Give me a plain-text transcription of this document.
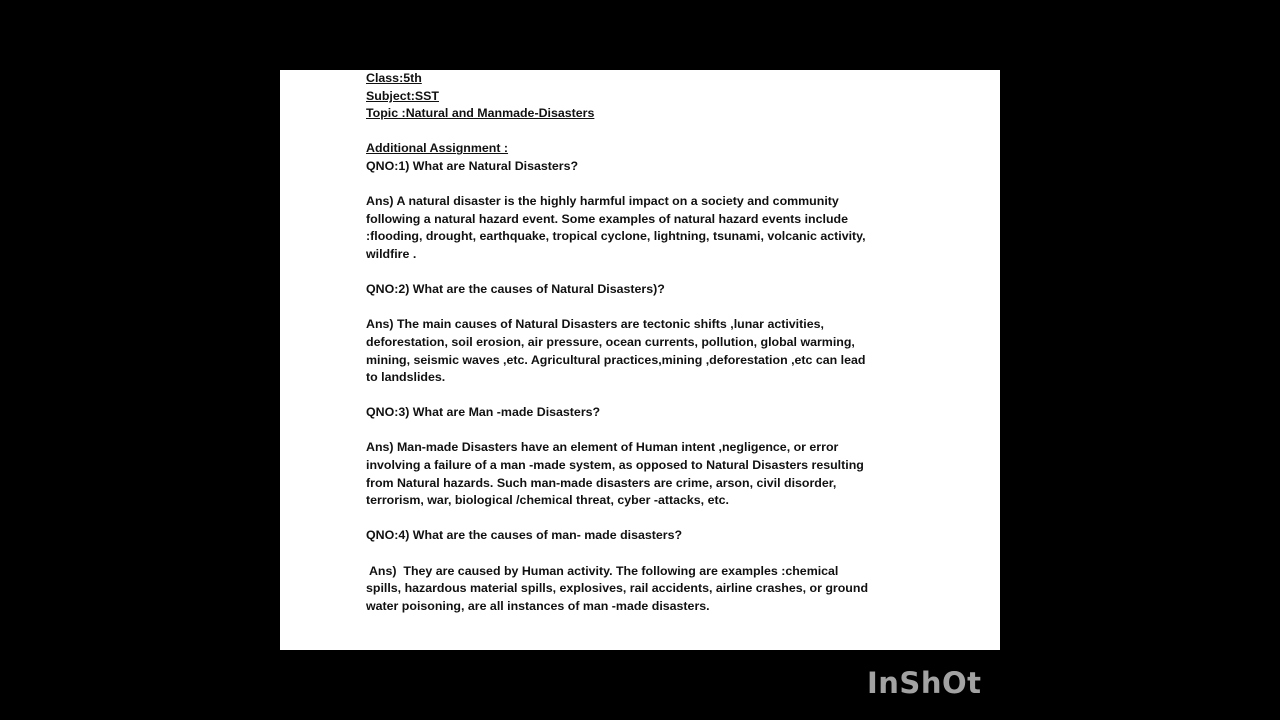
Class:5th
Subject:SST
Topic :Natural and Manmade-Disasters
Additional Assignment :
QNO:1) What are Natural Disasters?
Ans) A natural disaster is the highly harmful impact on a society and community
following a natural hazard event. Some examples of natural hazard events include
:flooding, drought, earthquake, tropical cyclone, lightning, tsunami, volcanic activity,
wildfire .
QNO:2) What are the causes of Natural Disasters)?
Ans) The main causes of Natural Disasters are tectonic shifts ,lunar activities,
deforestation, soil erosion, air pressure, ocean currents, pollution, global warming,
mining, seismic waves ,etc. Agricultural practices,mining ,deforestation ,etc can lead
to landslides.
QNO:3) What are Man -made Disasters?
Ans) Man-made Disasters have an element of Human intent ,negligence, or error
involving a failure of a man -made system, as opposed to Natural Disasters resulting
from Natural hazards. Such man-made disasters are crime, arson, civil disorder,
terrorism, war, biological /chemical threat, cyber -attacks, etc.
QNO:4) What are the causes of man- made disasters?
Ans)  They are caused by Human activity. The following are examples :chemical
spills, hazardous material spills, explosives, rail accidents, airline crashes, or ground
water poisoning, are all instances of man -made disasters.
InShOt
